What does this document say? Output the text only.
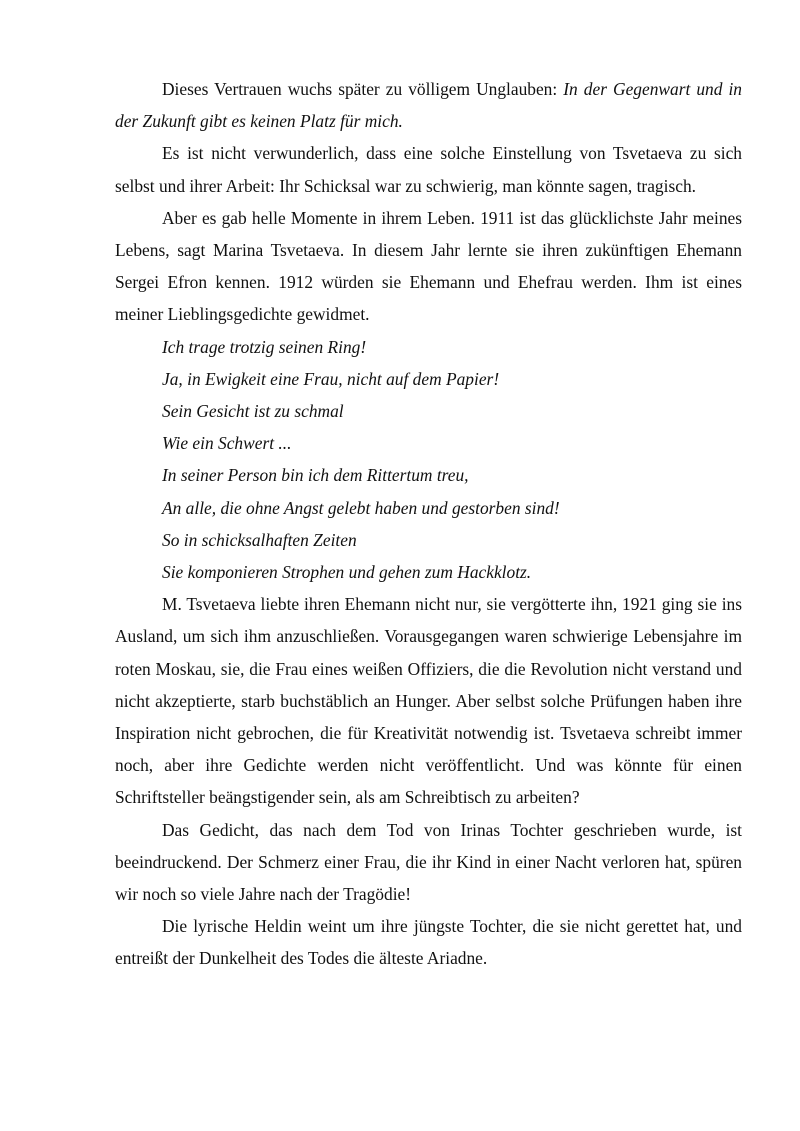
Dieses Vertrauen wuchs später zu völligem Unglauben: In der Gegenwart und in der Zukunft gibt es keinen Platz für mich.

Es ist nicht verwunderlich, dass eine solche Einstellung von Tsvetaeva zu sich selbst und ihrer Arbeit: Ihr Schicksal war zu schwierig, man könnte sagen, tragisch.

Aber es gab helle Momente in ihrem Leben. 1911 ist das glücklichste Jahr meines Lebens, sagt Marina Tsvetaeva. In diesem Jahr lernte sie ihren zukünftigen Ehemann Sergei Efron kennen. 1912 würden sie Ehemann und Ehefrau werden. Ihm ist eines meiner Lieblingsgedichte gewidmet.

Ich trage trotzig seinen Ring!

Ja, in Ewigkeit eine Frau, nicht auf dem Papier!

Sein Gesicht ist zu schmal

Wie ein Schwert ...

In seiner Person bin ich dem Rittertum treu,

An alle, die ohne Angst gelebt haben und gestorben sind!

So in schicksalhaften Zeiten

Sie komponieren Strophen und gehen zum Hackklotz.

M. Tsvetaeva liebte ihren Ehemann nicht nur, sie vergötterte ihn, 1921 ging sie ins Ausland, um sich ihm anzuschließen. Vorausgegangen waren schwierige Lebensjahre im roten Moskau, sie, die Frau eines weißen Offiziers, die die Revolution nicht verstand und nicht akzeptierte, starb buchstäblich an Hunger. Aber selbst solche Prüfungen haben ihre Inspiration nicht gebrochen, die für Kreativität notwendig ist. Tsvetaeva schreibt immer noch, aber ihre Gedichte werden nicht veröffentlicht. Und was könnte für einen Schriftsteller beängstigender sein, als am Schreibtisch zu arbeiten?

Das Gedicht, das nach dem Tod von Irinas Tochter geschrieben wurde, ist beeindruckend. Der Schmerz einer Frau, die ihr Kind in einer Nacht verloren hat, spüren wir noch so viele Jahre nach der Tragödie!

Die lyrische Heldin weint um ihre jüngste Tochter, die sie nicht gerettet hat, und entreißt der Dunkelheit des Todes die älteste Ariadne.
